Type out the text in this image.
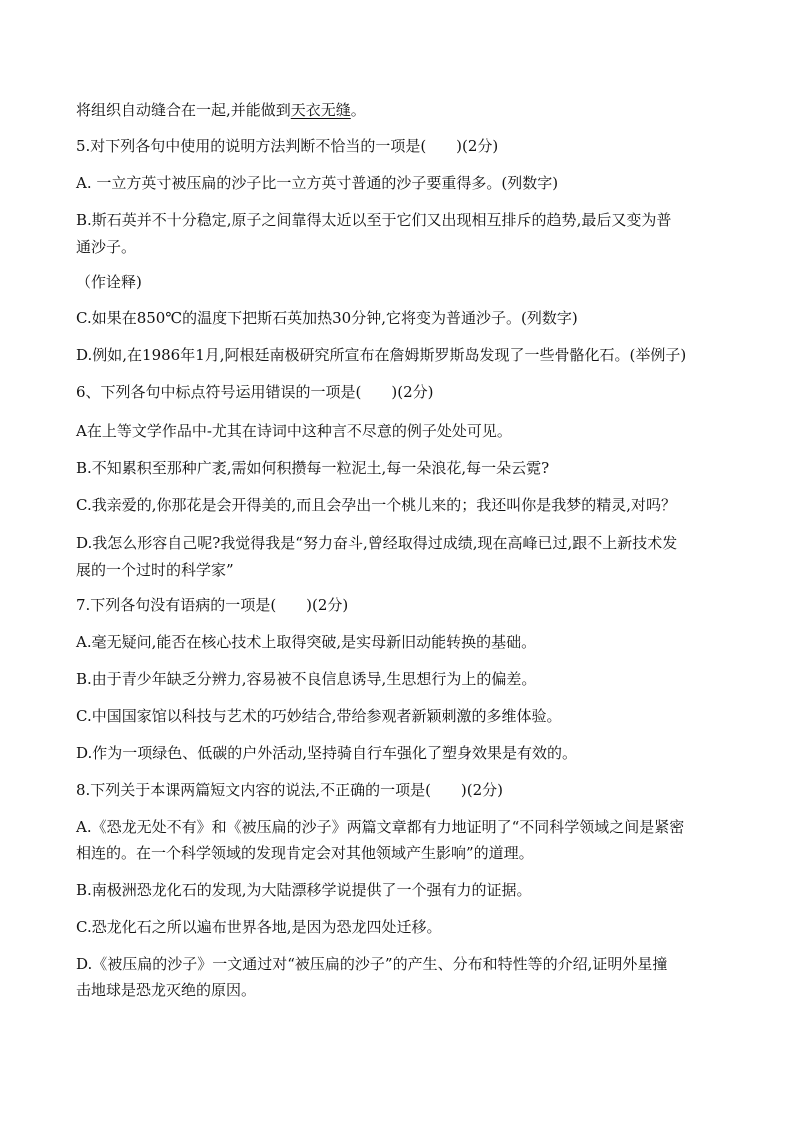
将组织自动缝合在一起,并能做到天衣无缝。
5.对下列各句中使用的说明方法判断不恰当的一项是(　　)(2分)
A. 一立方英寸被压扁的沙子比一立方英寸普通的沙子要重得多。(列数字)
B.斯石英并不十分稳定,原子之间靠得太近以至于它们又出现相互排斥的趋势,最后又变为普
通沙子。
（作诠释)
C.如果在850℃的温度下把斯石英加热30分钟,它将变为普通沙子。(列数字)
D.例如,在1986年1月,阿根廷南极研究所宣布在詹姆斯罗斯岛发现了一些骨骼化石。(举例子)
6、下列各句中标点符号运用错误的一项是(　　)(2分)
A在上等文学作品中-尤其在诗词中这种言不尽意的例子处处可见。
B.不知累积至那种广袤,需如何积攒每一粒泥土,每一朵浪花,每一朵云霓?
C.我亲爱的,你那花是会开得美的,而且会孕出一个桃儿来的；我还叫你是我梦的精灵,对吗？
D.我怎么形容自己呢?我觉得我是“努力奋斗,曾经取得过成绩,现在高峰已过,跟不上新技术发
展的一个过时的科学家”
7.下列各句没有语病的一项是(　　)(2分)
A.毫无疑问,能否在核心技术上取得突破,是实母新旧动能转换的基础。
B.由于青少年缺乏分辨力,容易被不良信息诱导,生思想行为上的偏差。
C.中国国家馆以科技与艺术的巧妙结合,带给参观者新颖刺激的多维体验。
D.作为一项绿色、低碳的户外活动,坚持骑自行车强化了塑身效果是有效的。
8.下列关于本课两篇短文内容的说法,不正确的一项是(　　)(2分)
A.《恐龙无处不有》和《被压扁的沙子》两篇文章都有力地证明了“不同科学领域之间是紧密
相连的。在一个科学领域的发现肯定会对其他领域产生影响”的道理。
B.南极洲恐龙化石的发现,为大陆漂移学说提供了一个强有力的证据。
C.恐龙化石之所以遍布世界各地,是因为恐龙四处迁移。
D.《被压扁的沙子》一文通过对“被压扁的沙子”的产生、分布和特性等的介绍,证明外星撞
击地球是恐龙灭绝的原因。
